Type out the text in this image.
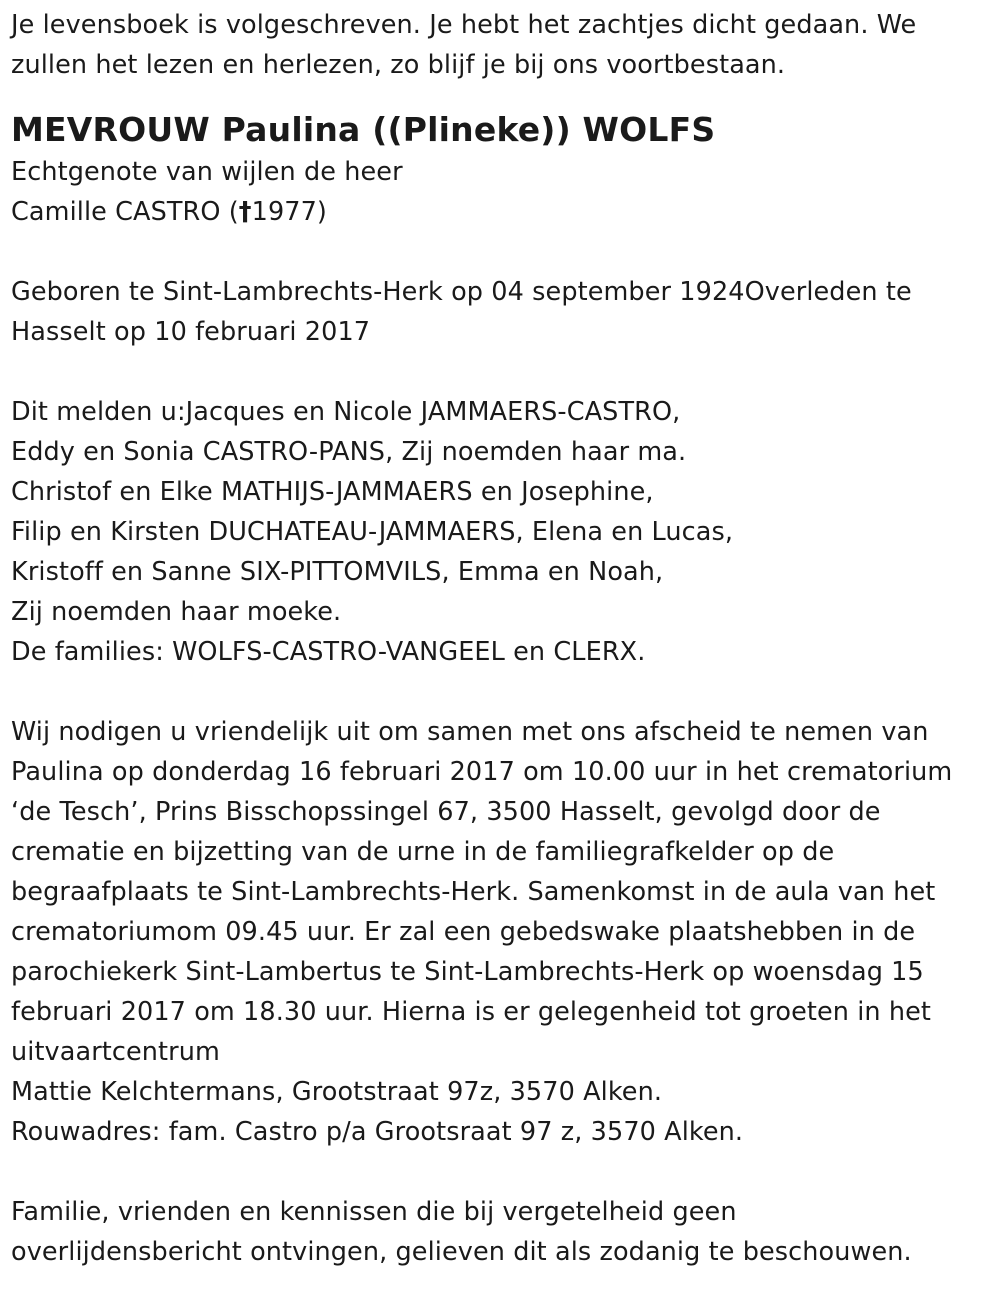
Je levensboek is volgeschreven. Je hebt het zachtjes dicht gedaan. We
zullen het lezen en herlezen, zo blijf je bij ons voortbestaan.

MEVROUW Paulina ((Plineke)) WOLFS

Echtgenote van wijlen de heer
Camille CASTRO (†1977)

Geboren te Sint-Lambrechts-Herk op 04 september 1924Overleden te
Hasselt op 10 februari 2017

Dit melden u:Jacques en Nicole JAMMAERS-CASTRO,
Eddy en Sonia CASTRO-PANS, Zij noemden haar ma.
Christof en Elke MATHIJS-JAMMAERS en Josephine,
Filip en Kirsten DUCHATEAU-JAMMAERS, Elena en Lucas,
Kristoff en Sanne SIX-PITTOMVILS, Emma en Noah,
Zij noemden haar moeke.
De families: WOLFS-CASTRO-VANGEEL en CLERX.

Wij nodigen u vriendelijk uit om samen met ons afscheid te nemen van
Paulina op donderdag 16 februari 2017 om 10.00 uur in het crematorium
‘de Tesch’, Prins Bisschopssingel 67, 3500 Hasselt, gevolgd door de
crematie en bijzetting van de urne in de familiegrafkelder op de
begraafplaats te Sint-Lambrechts-Herk. Samenkomst in de aula van het
crematoriumom 09.45 uur. Er zal een gebedswake plaatshebben in de
parochiekerk Sint-Lambertus te Sint-Lambrechts-Herk op woensdag 15
februari 2017 om 18.30 uur. Hierna is er gelegenheid tot groeten in het
uitvaartcentrum
Mattie Kelchtermans, Grootstraat 97z, 3570 Alken.
Rouwadres: fam. Castro p/a Grootsraat 97 z, 3570 Alken.

Familie, vrienden en kennissen die bij vergetelheid geen
overlijdensbericht ontvingen, gelieven dit als zodanig te beschouwen.
